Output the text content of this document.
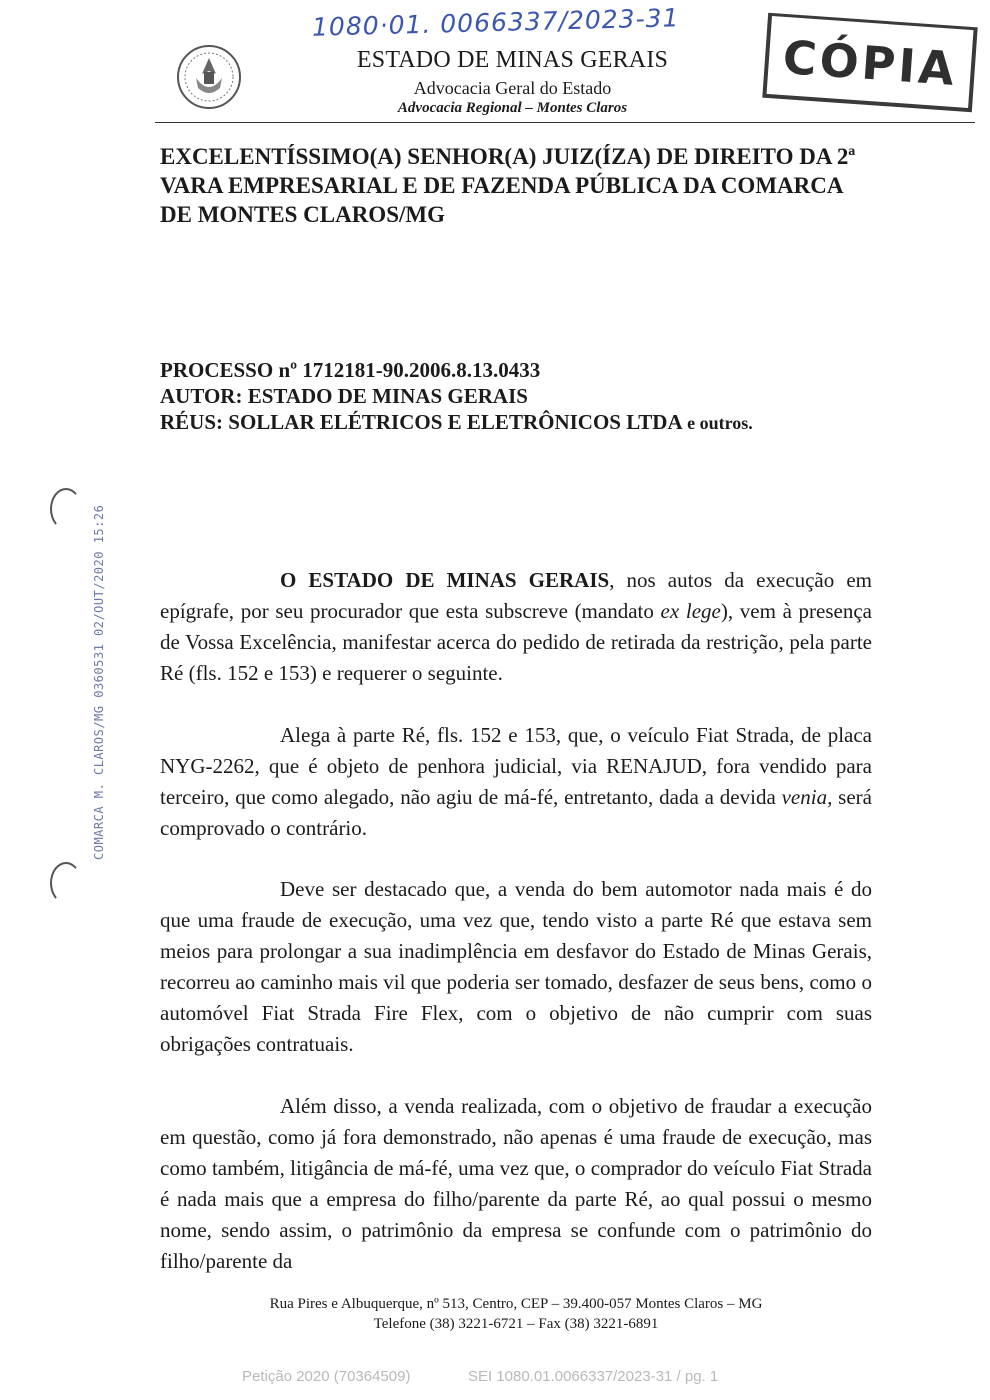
1080·01. 0066337/2023-31
ESTADO DE MINAS GERAIS
Advocacia Geral do Estado
Advocacia Regional – Montes Claros
CÓPIA
EXCELENTÍSSIMO(A) SENHOR(A) JUIZ(ÍZA) DE DIREITO DA 2ª
VARA EMPRESARIAL E DE FAZENDA PÚBLICA DA COMARCA
DE MONTES CLAROS/MG
PROCESSO nº 1712181-90.2006.8.13.0433
AUTOR: ESTADO DE MINAS GERAIS
RÉUS: SOLLAR ELÉTRICOS E ELETRÔNICOS LTDA e outros.
O ESTADO DE MINAS GERAIS, nos autos da execução em epígrafe, por seu procurador que esta subscreve (mandato ex lege), vem à presença de Vossa Excelência, manifestar acerca do pedido de retirada da restrição, pela parte Ré (fls. 152 e 153) e requerer o seguinte.
Alega à parte Ré, fls. 152 e 153, que, o veículo Fiat Strada, de placa NYG-2262, que é objeto de penhora judicial, via RENAJUD, fora vendido para terceiro, que como alegado, não agiu de má-fé, entretanto, dada a devida venia, será comprovado o contrário.
Deve ser destacado que, a venda do bem automotor nada mais é do que uma fraude de execução, uma vez que, tendo visto a parte Ré que estava sem meios para prolongar a sua inadimplência em desfavor do Estado de Minas Gerais, recorreu ao caminho mais vil que poderia ser tomado, desfazer de seus bens, como o automóvel Fiat Strada Fire Flex, com o objetivo de não cumprir com suas obrigações contratuais.
Além disso, a venda realizada, com o objetivo de fraudar a execução em questão, como já fora demonstrado, não apenas é uma fraude de execução, mas como também, litigância de má-fé, uma vez que, o comprador do veículo Fiat Strada é nada mais que a empresa do filho/parente da parte Ré, ao qual possui o mesmo nome, sendo assim, o patrimônio da empresa se confunde com o patrimônio do filho/parente da
COMARCA M. CLAROS/MG 0360531 02/OUT/2020 15:26
Rua Pires e Albuquerque, nº 513, Centro, CEP – 39.400-057 Montes Claros – MG
Telefone (38) 3221-6721 – Fax (38) 3221-6891
Petição 2020 (70364509)	SEI 1080.01.0066337/2023-31 / pg. 1
